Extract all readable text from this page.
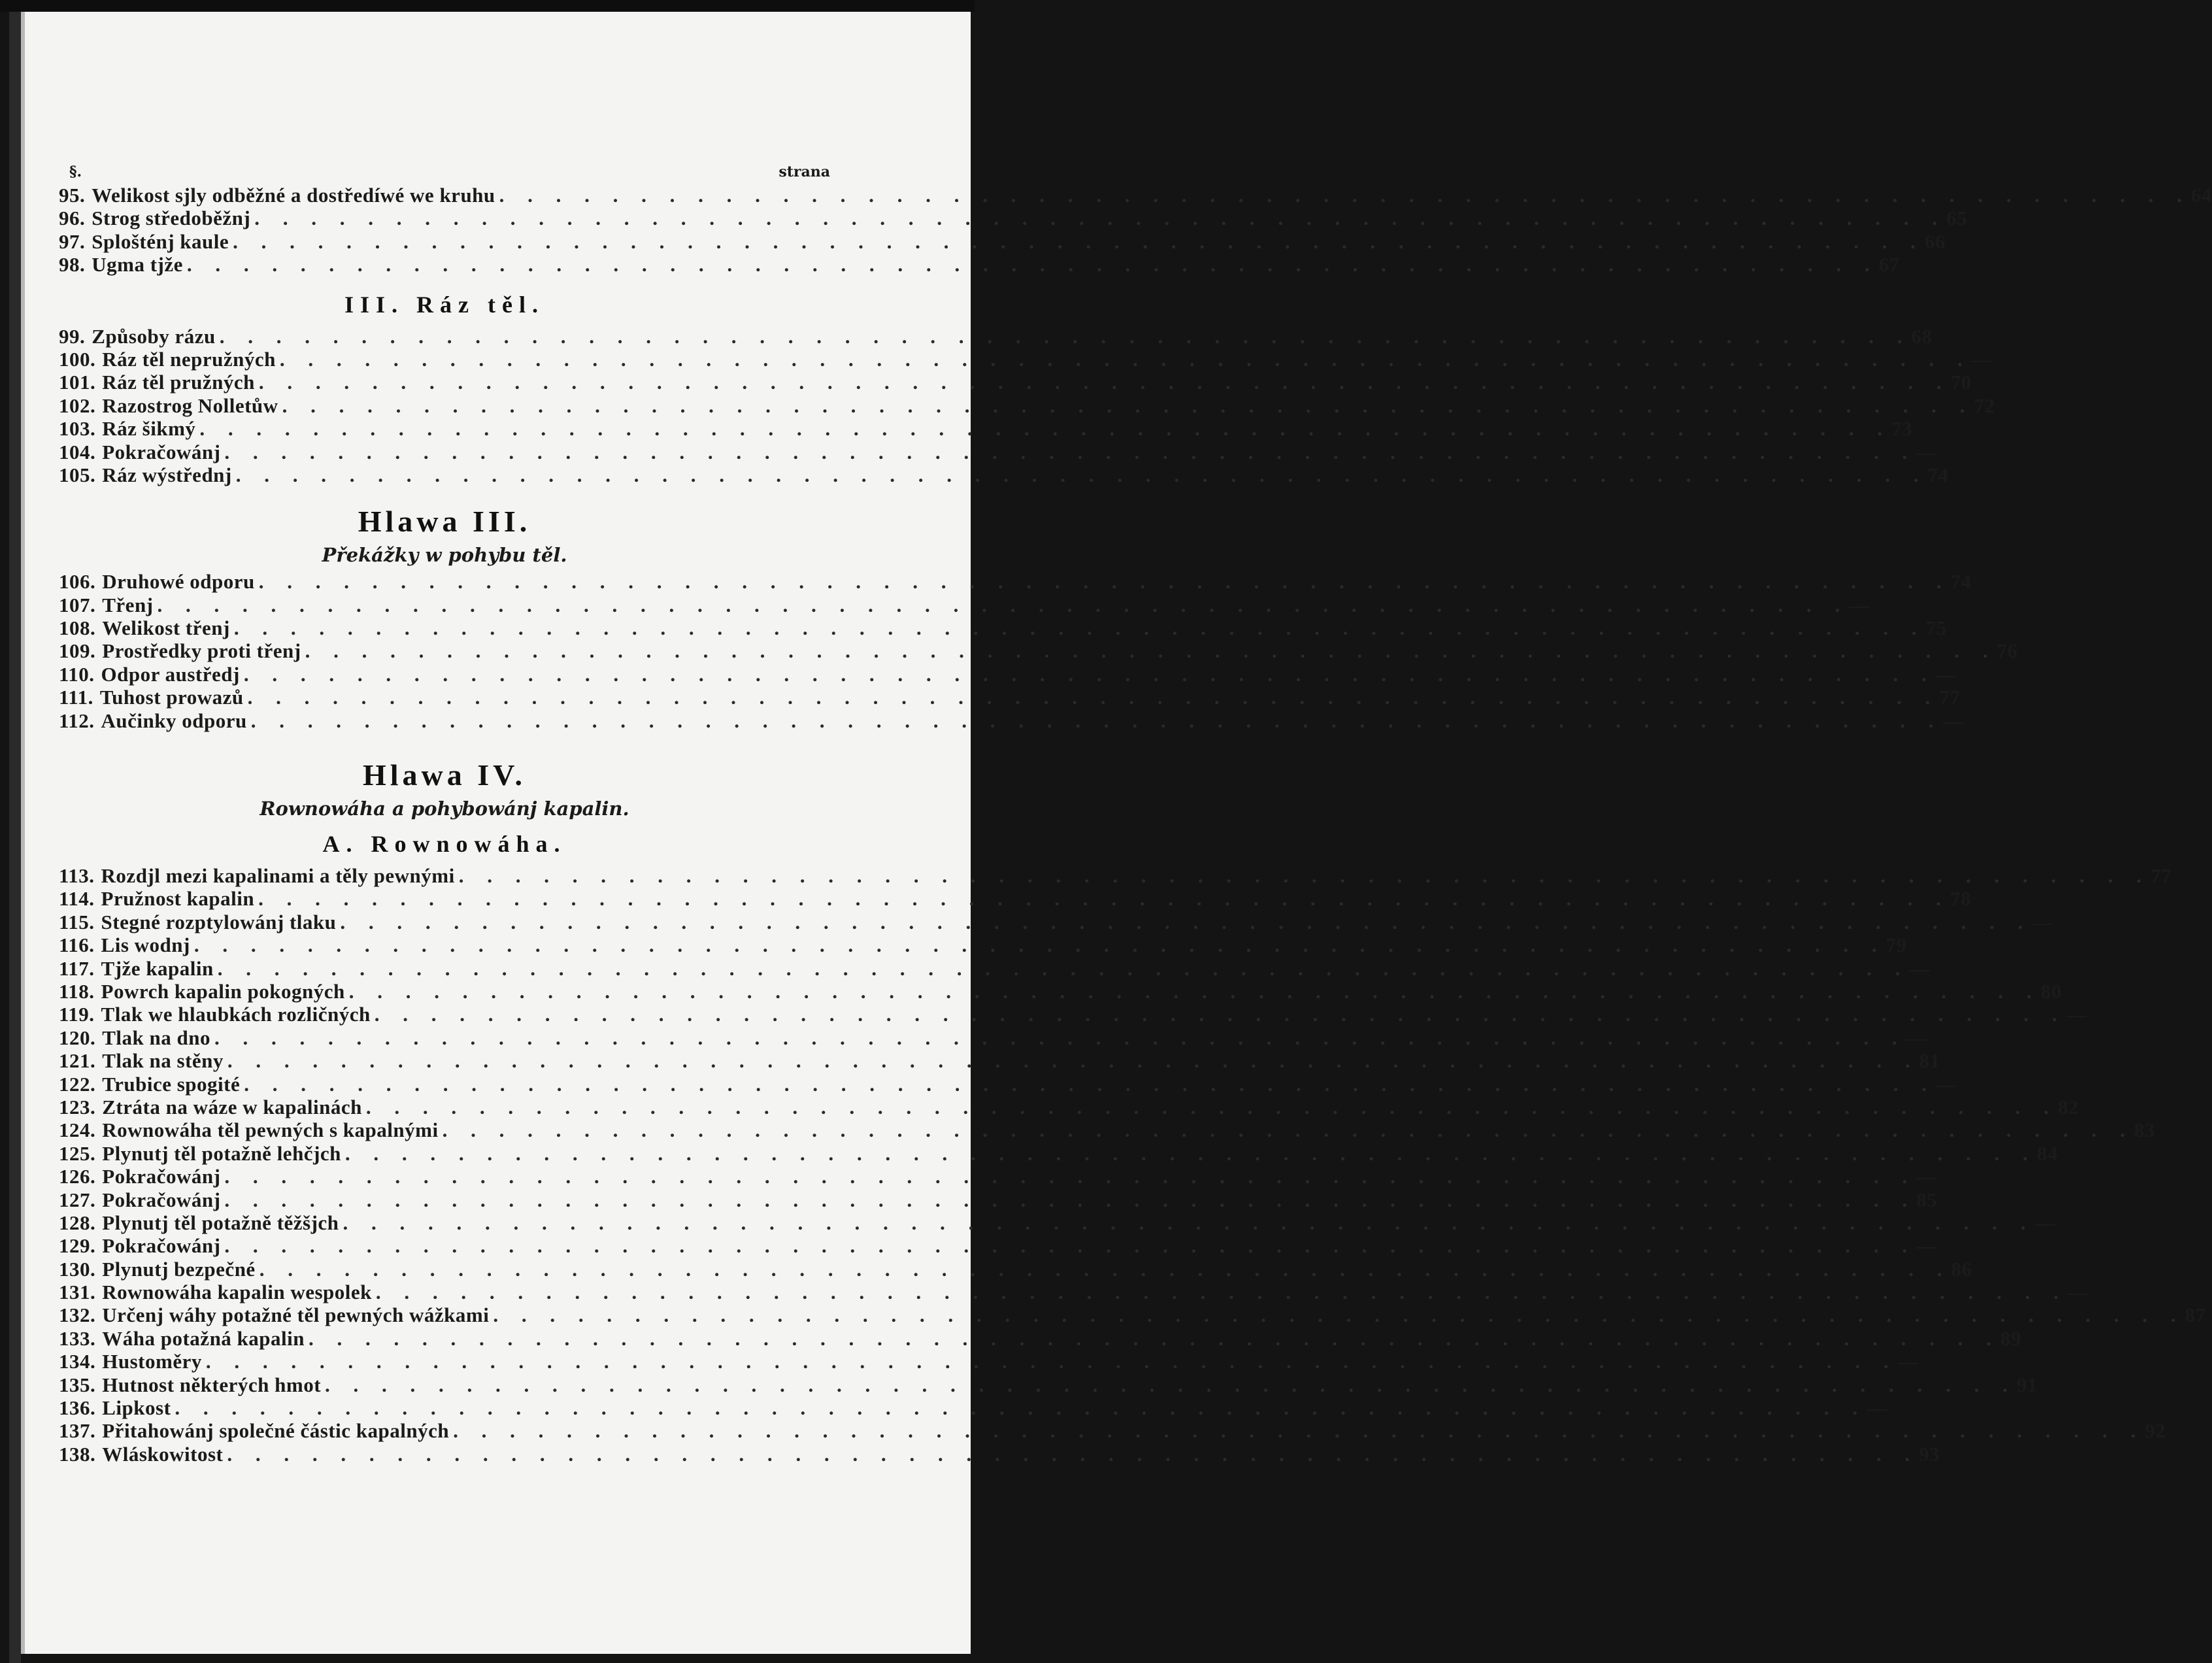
§.	strana
95. Welikost sjly odběžné a dostředíwé we kruhu . . . . . . . . . . . . . . . . . . . . . . . . . . . . . . . . . . . . . . . . . . . . . . . . . . . . . . . . . . . . 64
96. Strog středoběžnj . . . . . . . . . . . . . . . . . . . . . . . . . . . . . . . . . . . . . . . . . . . . . . . . . . . . . . . . . . . . 65
97. Splošténj kaule . . . . . . . . . . . . . . . . . . . . . . . . . . . . . . . . . . . . . . . . . . . . . . . . . . . . . . . . . . . . 66
98. Ugma tjže . . . . . . . . . . . . . . . . . . . . . . . . . . . . . . . . . . . . . . . . . . . . . . . . . . . . . . . . . . . . 67
III. Ráz těl.
99. Způsoby rázu . . . . . . . . . . . . . . . . . . . . . . . . . . . . . . . . . . . . . . . . . . . . . . . . . . . . . . . . . . . . 68
100. Ráz těl nepružných . . . . . . . . . . . . . . . . . . . . . . . . . . . . . . . . . . . . . . . . . . . . . . . . . . . . . . . . . . . . —
101. Ráz těl pružných . . . . . . . . . . . . . . . . . . . . . . . . . . . . . . . . . . . . . . . . . . . . . . . . . . . . . . . . . . . . 70
102. Razostrog Nolletůw . . . . . . . . . . . . . . . . . . . . . . . . . . . . . . . . . . . . . . . . . . . . . . . . . . . . . . . . . . . . 72
103. Ráz šikmý . . . . . . . . . . . . . . . . . . . . . . . . . . . . . . . . . . . . . . . . . . . . . . . . . . . . . . . . . . . . 73
104. Pokračowánj . . . . . . . . . . . . . . . . . . . . . . . . . . . . . . . . . . . . . . . . . . . . . . . . . . . . . . . . . . . . —
105. Ráz wýstřednj . . . . . . . . . . . . . . . . . . . . . . . . . . . . . . . . . . . . . . . . . . . . . . . . . . . . . . . . . . . . 74
Hlawa III.
Překážky w pohybu těl.
106. Druhowé odporu . . . . . . . . . . . . . . . . . . . . . . . . . . . . . . . . . . . . . . . . . . . . . . . . . . . . . . . . . . . . 74
107. Třenj . . . . . . . . . . . . . . . . . . . . . . . . . . . . . . . . . . . . . . . . . . . . . . . . . . . . . . . . . . . . —
108. Welikost třenj . . . . . . . . . . . . . . . . . . . . . . . . . . . . . . . . . . . . . . . . . . . . . . . . . . . . . . . . . . . . 75
109. Prostředky proti třenj . . . . . . . . . . . . . . . . . . . . . . . . . . . . . . . . . . . . . . . . . . . . . . . . . . . . . . . . . . . . 76
110. Odpor austředj . . . . . . . . . . . . . . . . . . . . . . . . . . . . . . . . . . . . . . . . . . . . . . . . . . . . . . . . . . . . —
111. Tuhost prowazů . . . . . . . . . . . . . . . . . . . . . . . . . . . . . . . . . . . . . . . . . . . . . . . . . . . . . . . . . . . . 77
112. Aučinky odporu . . . . . . . . . . . . . . . . . . . . . . . . . . . . . . . . . . . . . . . . . . . . . . . . . . . . . . . . . . . . —
Hlawa IV.
Rownowáha a pohybowánj kapalin.
A. Rownowáha.
113. Rozdjl mezi kapalinami a těly pewnými . . . . . . . . . . . . . . . . . . . . . . . . . . . . . . . . . . . . . . . . . . . . . . . . . . . . . . . . . . . . 77
114. Pružnost kapalin . . . . . . . . . . . . . . . . . . . . . . . . . . . . . . . . . . . . . . . . . . . . . . . . . . . . . . . . . . . . 78
115. Stegné rozptylowánj tlaku . . . . . . . . . . . . . . . . . . . . . . . . . . . . . . . . . . . . . . . . . . . . . . . . . . . . . . . . . . . . —
116. Lis wodnj . . . . . . . . . . . . . . . . . . . . . . . . . . . . . . . . . . . . . . . . . . . . . . . . . . . . . . . . . . . . 79
117. Tjže kapalin . . . . . . . . . . . . . . . . . . . . . . . . . . . . . . . . . . . . . . . . . . . . . . . . . . . . . . . . . . . . —
118. Powrch kapalin pokogných . . . . . . . . . . . . . . . . . . . . . . . . . . . . . . . . . . . . . . . . . . . . . . . . . . . . . . . . . . . . 80
119. Tlak we hlaubkách rozličných . . . . . . . . . . . . . . . . . . . . . . . . . . . . . . . . . . . . . . . . . . . . . . . . . . . . . . . . . . . . —
120. Tlak na dno . . . . . . . . . . . . . . . . . . . . . . . . . . . . . . . . . . . . . . . . . . . . . . . . . . . . . . . . . . . . —
121. Tlak na stěny . . . . . . . . . . . . . . . . . . . . . . . . . . . . . . . . . . . . . . . . . . . . . . . . . . . . . . . . . . . . 81
122. Trubice spogité . . . . . . . . . . . . . . . . . . . . . . . . . . . . . . . . . . . . . . . . . . . . . . . . . . . . . . . . . . . . —
123. Ztráta na wáze w kapalinách . . . . . . . . . . . . . . . . . . . . . . . . . . . . . . . . . . . . . . . . . . . . . . . . . . . . . . . . . . . . 82
124. Rownowáha těl pewných s kapalnými . . . . . . . . . . . . . . . . . . . . . . . . . . . . . . . . . . . . . . . . . . . . . . . . . . . . . . . . . . . . 83
125. Plynutj těl potažně lehčjch . . . . . . . . . . . . . . . . . . . . . . . . . . . . . . . . . . . . . . . . . . . . . . . . . . . . . . . . . . . . 84
126. Pokračowánj . . . . . . . . . . . . . . . . . . . . . . . . . . . . . . . . . . . . . . . . . . . . . . . . . . . . . . . . . . . . —
127. Pokračowánj . . . . . . . . . . . . . . . . . . . . . . . . . . . . . . . . . . . . . . . . . . . . . . . . . . . . . . . . . . . . 85
128. Plynutj těl potažně těžšjch . . . . . . . . . . . . . . . . . . . . . . . . . . . . . . . . . . . . . . . . . . . . . . . . . . . . . . . . . . . . —
129. Pokračowánj . . . . . . . . . . . . . . . . . . . . . . . . . . . . . . . . . . . . . . . . . . . . . . . . . . . . . . . . . . . . —
130. Plynutj bezpečné . . . . . . . . . . . . . . . . . . . . . . . . . . . . . . . . . . . . . . . . . . . . . . . . . . . . . . . . . . . . 86
131. Rownowáha kapalin wespolek . . . . . . . . . . . . . . . . . . . . . . . . . . . . . . . . . . . . . . . . . . . . . . . . . . . . . . . . . . . . —
132. Určenj wáhy potažné těl pewných wážkami . . . . . . . . . . . . . . . . . . . . . . . . . . . . . . . . . . . . . . . . . . . . . . . . . . . . . . . . . . . . 87
133. Wáha potažná kapalin . . . . . . . . . . . . . . . . . . . . . . . . . . . . . . . . . . . . . . . . . . . . . . . . . . . . . . . . . . . . 89
134. Hustoměry . . . . . . . . . . . . . . . . . . . . . . . . . . . . . . . . . . . . . . . . . . . . . . . . . . . . . . . . . . . . —
135. Hutnost některých hmot . . . . . . . . . . . . . . . . . . . . . . . . . . . . . . . . . . . . . . . . . . . . . . . . . . . . . . . . . . . . 91
136. Lipkost . . . . . . . . . . . . . . . . . . . . . . . . . . . . . . . . . . . . . . . . . . . . . . . . . . . . . . . . . . . . —
137. Přitahowánj společné částic kapalných . . . . . . . . . . . . . . . . . . . . . . . . . . . . . . . . . . . . . . . . . . . . . . . . . . . . . . . . . . . . 92
138. Wláskowitost . . . . . . . . . . . . . . . . . . . . . . . . . . . . . . . . . . . . . . . . . . . . . . . . . . . . . . . . . . . . 93
